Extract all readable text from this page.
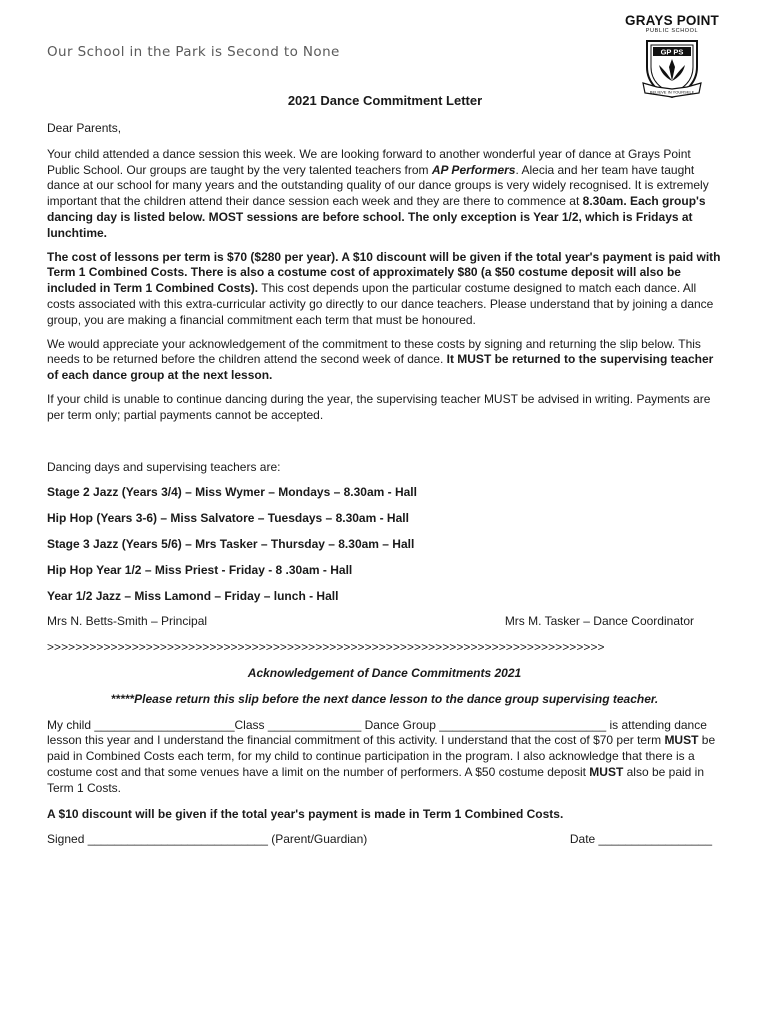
Our School in the Park is Second to None
GRAYS POINT
PUBLIC SCHOOL
GP PS
BELIEVE IN YOURSELF
2021 Dance Commitment Letter

Dear Parents,

Your child attended a dance session this week. We are looking forward to another wonderful year of dance at Grays Point Public School. Our groups are taught by the very talented teachers from AP Performers. Alecia and her team have taught dance at our school for many years and the outstanding quality of our dance groups is very widely recognised. It is extremely important that the children attend their dance session each week and they are there to commence at 8.30am. Each group's dancing day is listed below. MOST sessions are before school. The only exception is Year 1/2, which is Fridays at lunchtime.

The cost of lessons per term is $70 ($280 per year). A $10 discount will be given if the total year's payment is paid with Term 1 Combined Costs. There is also a costume cost of approximately $80 (a $50 costume deposit will also be included in Term 1 Combined Costs). This cost depends upon the particular costume designed to match each dance. All costs associated with this extra-curricular activity go directly to our dance teachers. Please understand that by joining a dance group, you are making a financial commitment each term that must be honoured.

We would appreciate your acknowledgement of the commitment to these costs by signing and returning the slip below. This needs to be returned before the children attend the second week of dance. It MUST be returned to the supervising teacher of each dance group at the next lesson.

If your child is unable to continue dancing during the year, the supervising teacher MUST be advised in writing. Payments are per term only; partial payments cannot be accepted.

Dancing days and supervising teachers are:

Stage 2 Jazz (Years 3/4) – Miss Wymer – Mondays – 8.30am - Hall

Hip Hop (Years 3-6) – Miss Salvatore – Tuesdays – 8.30am - Hall

Stage 3 Jazz (Years 5/6) – Mrs Tasker – Thursday – 8.30am – Hall

Hip Hop Year 1/2 – Miss Priest - Friday - 8 .30am - Hall

Year 1/2 Jazz – Miss Lamond – Friday – lunch - Hall

Mrs N. Betts-Smith – Principal	Mrs M. Tasker – Dance Coordinator

>>>>>>>>>>>>>>>>>>>>>>>>>>>>>>>>>>>>>>>>>>>>>>>>>>>>>>>>>>>>>>>>>>>>>>>>>>>>>>>

Acknowledgement of Dance Commitments 2021

*****Please return this slip before the next dance lesson to the dance group supervising teacher.

My child _____________________Class ______________ Dance Group _________________________ is attending dance lesson this year and I understand the financial commitment of this activity. I understand that the cost of $70 per term MUST be paid in Combined Costs each term, for my child to continue participation in the program. I also acknowledge that there is a costume cost and that some venues have a limit on the number of performers. A $50 costume deposit MUST also be paid in Term 1 Costs.

A $10 discount will be given if the total year's payment is made in Term 1 Combined Costs.

Signed ___________________________ (Parent/Guardian)	Date _________________
